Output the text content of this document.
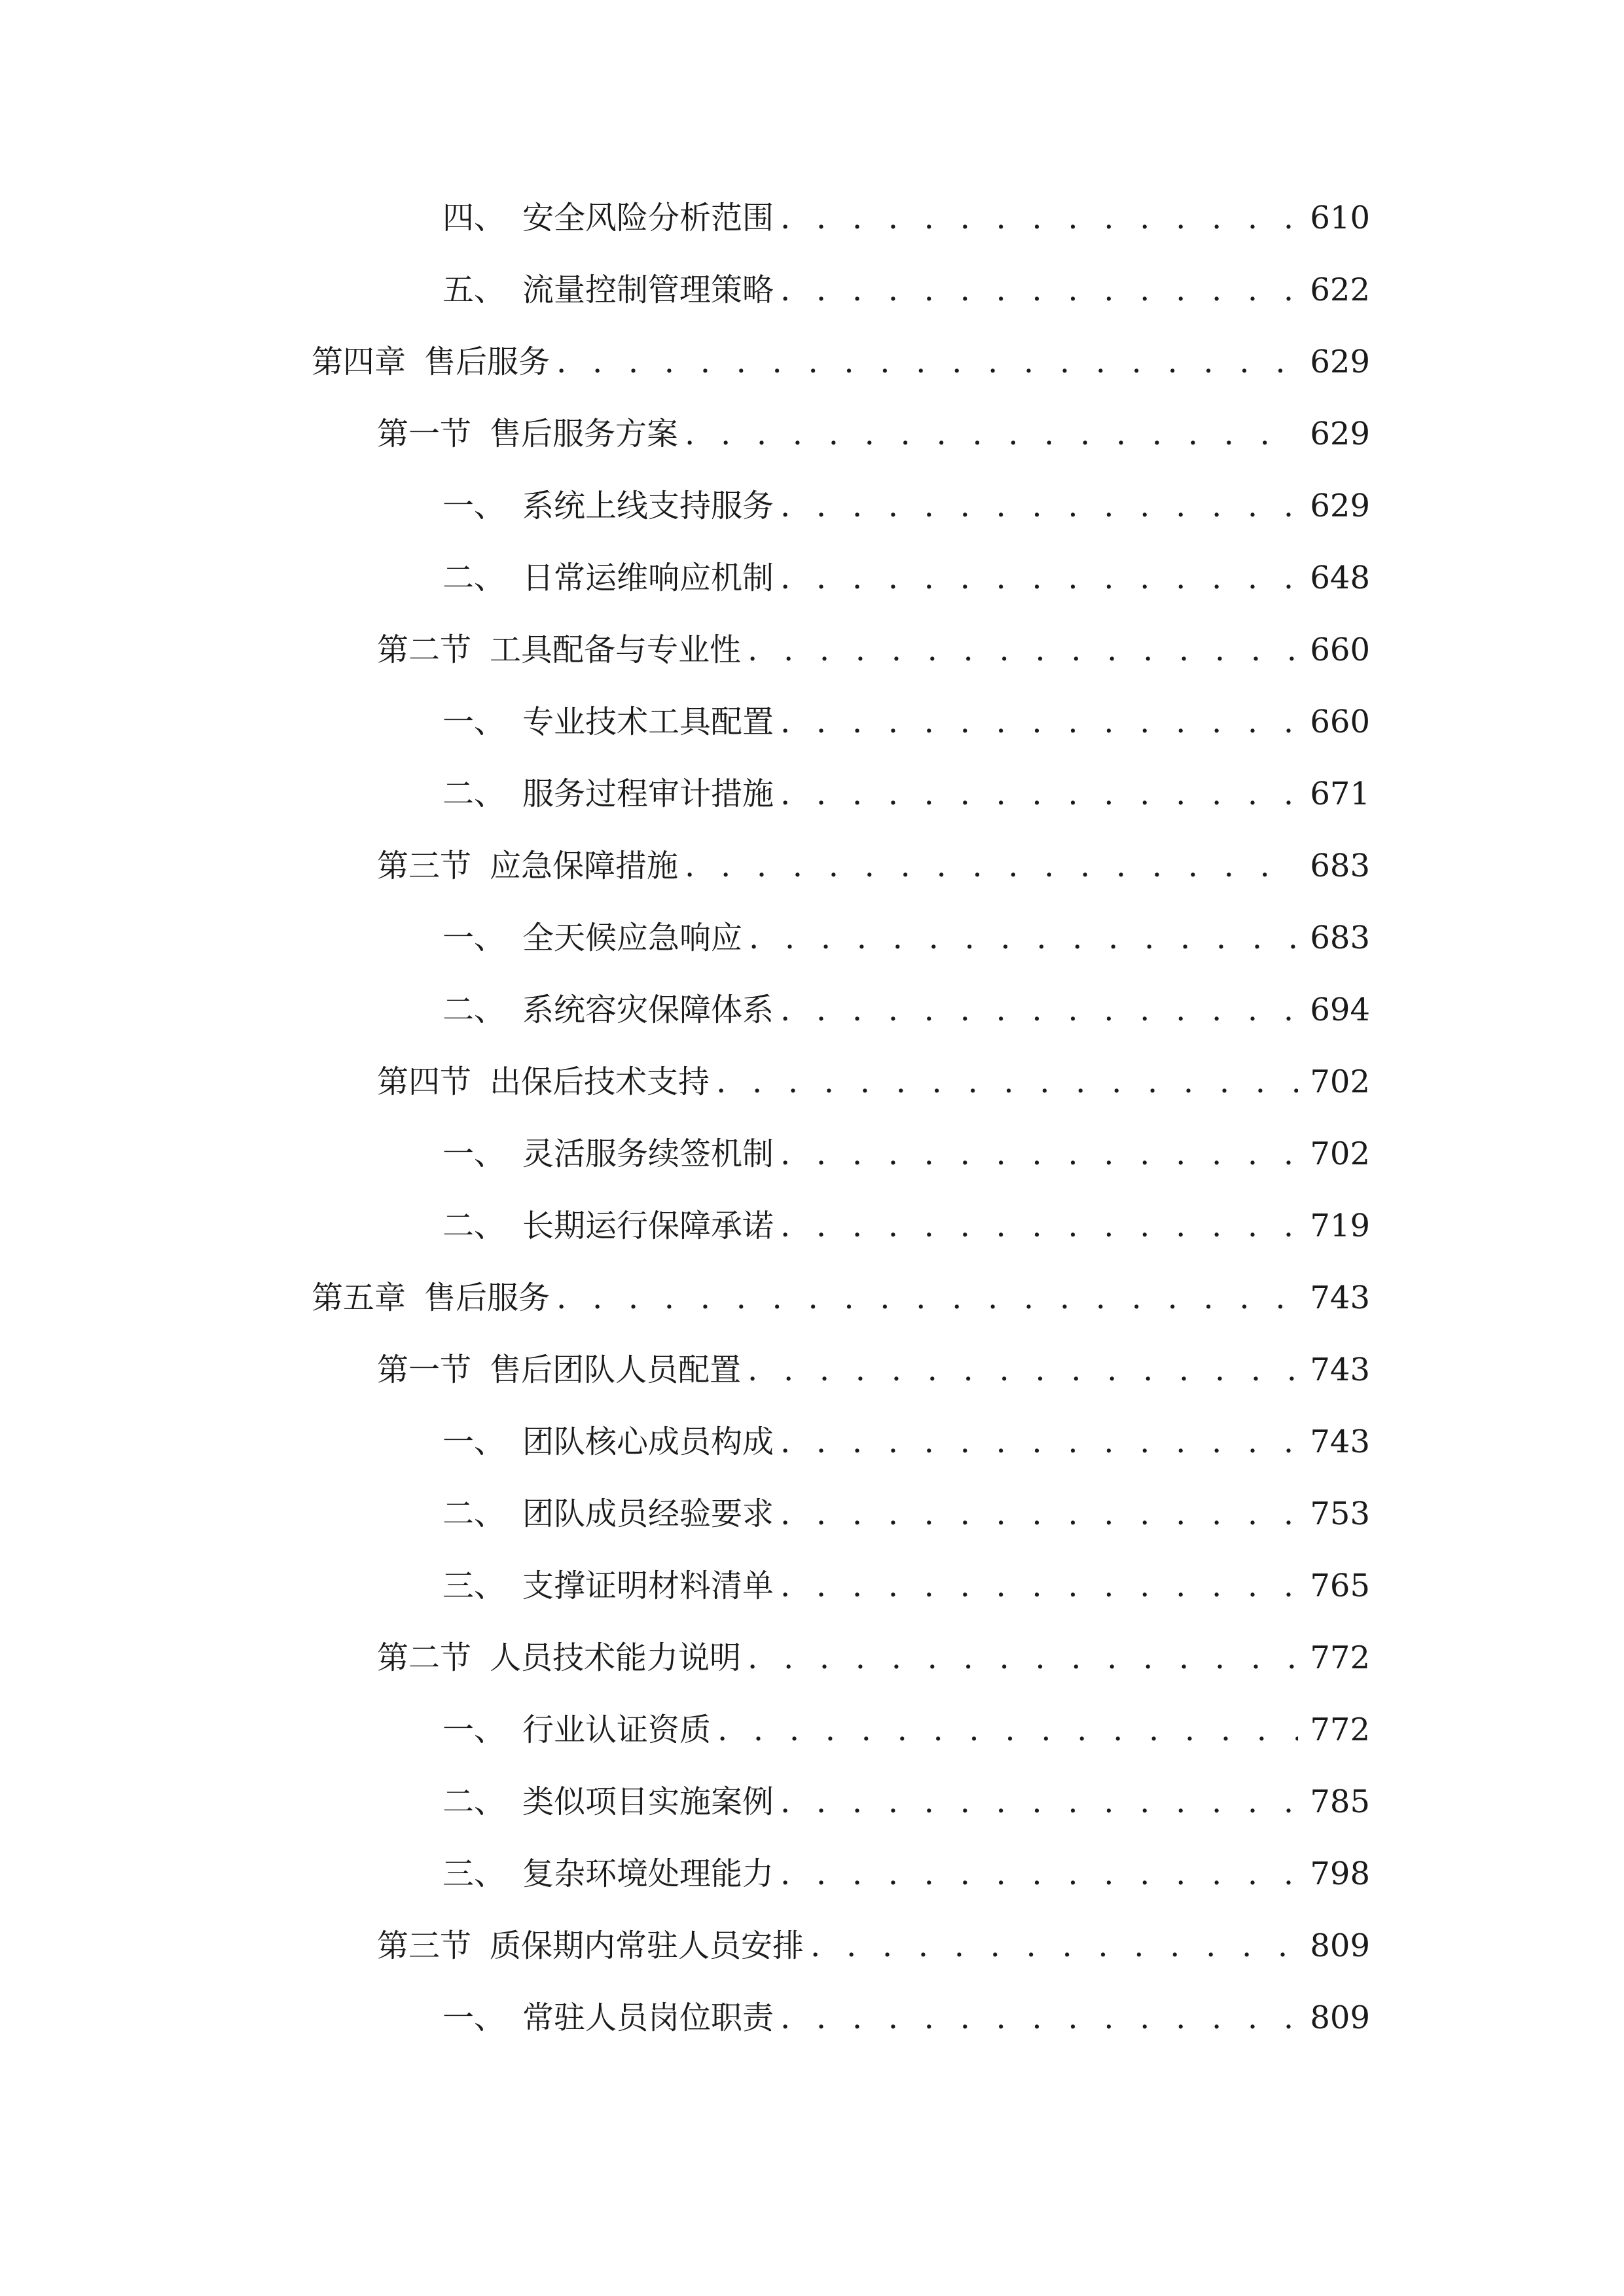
四、 安全风险分析范围 . . .	610
五、 流量控制管理策略 . . .	622
第四章 售后服务 . . .	629
第一节 售后服务方案 . . .	629
一、 系统上线支持服务 . . .	629
二、 日常运维响应机制 . . .	648
第二节 工具配备与专业性 . . .	660
一、 专业技术工具配置 . . .	660
二、 服务过程审计措施 . . .	671
第三节 应急保障措施 . . .	683
一、 全天候应急响应 . . .	683
二、 系统容灾保障体系 . . .	694
第四节 出保后技术支持 . . .	702
一、 灵活服务续签机制 . . .	702
二、 长期运行保障承诺 . . .	719
第五章 售后服务 . . .	743
第一节 售后团队人员配置 . . .	743
一、 团队核心成员构成 . . .	743
二、 团队成员经验要求 . . .	753
三、 支撑证明材料清单 . . .	765
第二节 人员技术能力说明 . . .	772
一、 行业认证资质 . . .	772
二、 类似项目实施案例 . . .	785
三、 复杂环境处理能力 . . .	798
第三节 质保期内常驻人员安排 . . .	809
一、 常驻人员岗位职责 . . .	809
